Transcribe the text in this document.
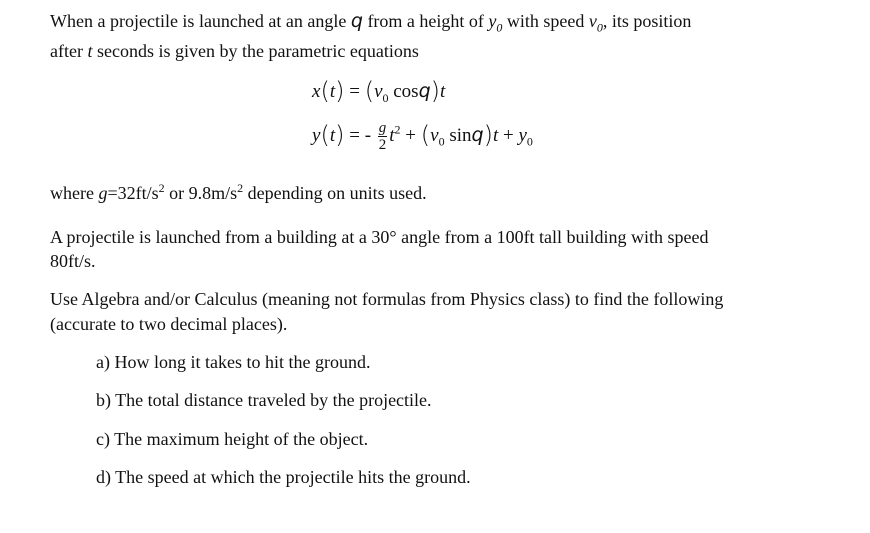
When a projectile is launched at an angle q from a height of $y_0$ with speed $v_0$, its position
after t seconds is given by the parametric equations
$x(t) = (v_0$ cosq)t
y(t) = - $\frac{g}{2} t^2 + (v_0$ $\sin q)t + y_0$
where $g=32ft/s^2$ or $9.8m/s^2$ depending on units used.
A projectile is launched from a building at a 30° angle from a 100ft tall building with speed
80ft/s.
Use Algebra and/or Calculus (meaning not formulas from Physics class) to find the following
(accurate to two decimal places).
a) How long it takes to hit the ground.
b) The total distance traveled by the projectile.
c) The maximum height of the object.
d) The speed at which the projectile hits the ground.
